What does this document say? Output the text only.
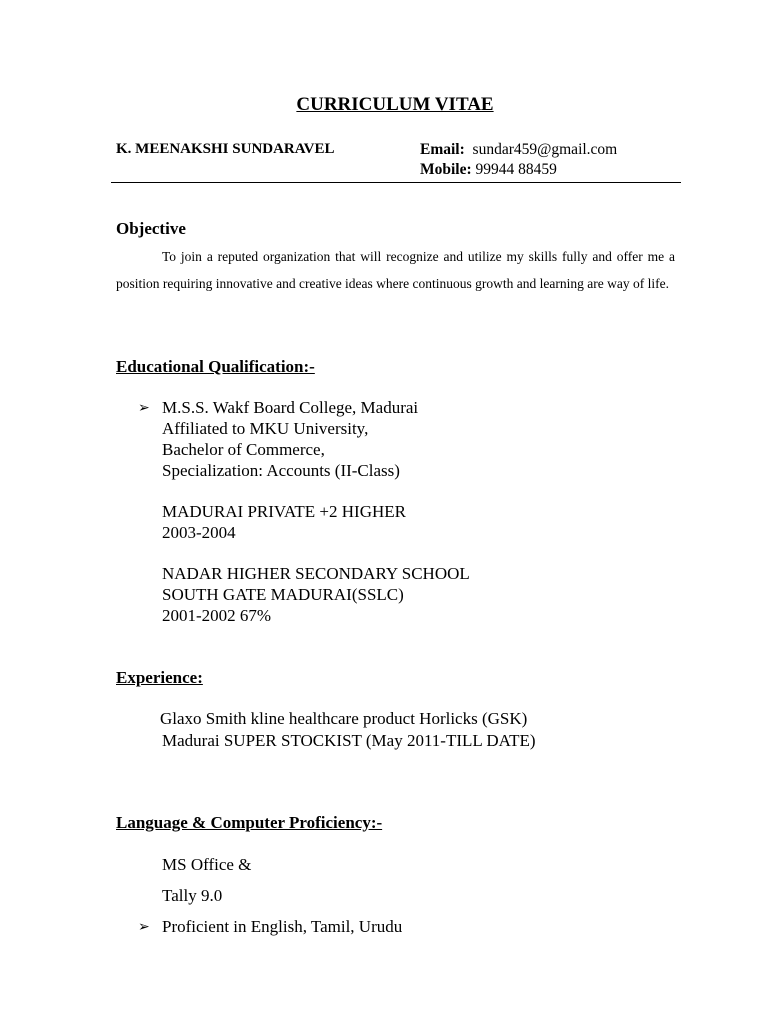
CURRICULUM VITAE
K. MEENAKSHI SUNDARAVEL	Email: sundar459@gmail.com
Mobile: 99944 88459
Objective
To join a reputed organization that will recognize and utilize my skills fully and offer me a position requiring innovative and creative ideas where continuous growth and learning are way of life.
Educational Qualification:-
➢ M.S.S. Wakf Board College, Madurai
Affiliated to MKU University,
Bachelor of Commerce,
Specialization: Accounts (II-Class)
MADURAI PRIVATE +2 HIGHER
2003-2004
NADAR HIGHER SECONDARY SCHOOL
SOUTH GATE MADURAI(SSLC)
2001-2002 67%
Experience:
Glaxo Smith kline healthcare product Horlicks (GSK)
Madurai SUPER STOCKIST (May 2011-TILL DATE)
Language & Computer Proficiency:-
MS Office &
Tally 9.0
➢ Proficient in English, Tamil, Urudu
